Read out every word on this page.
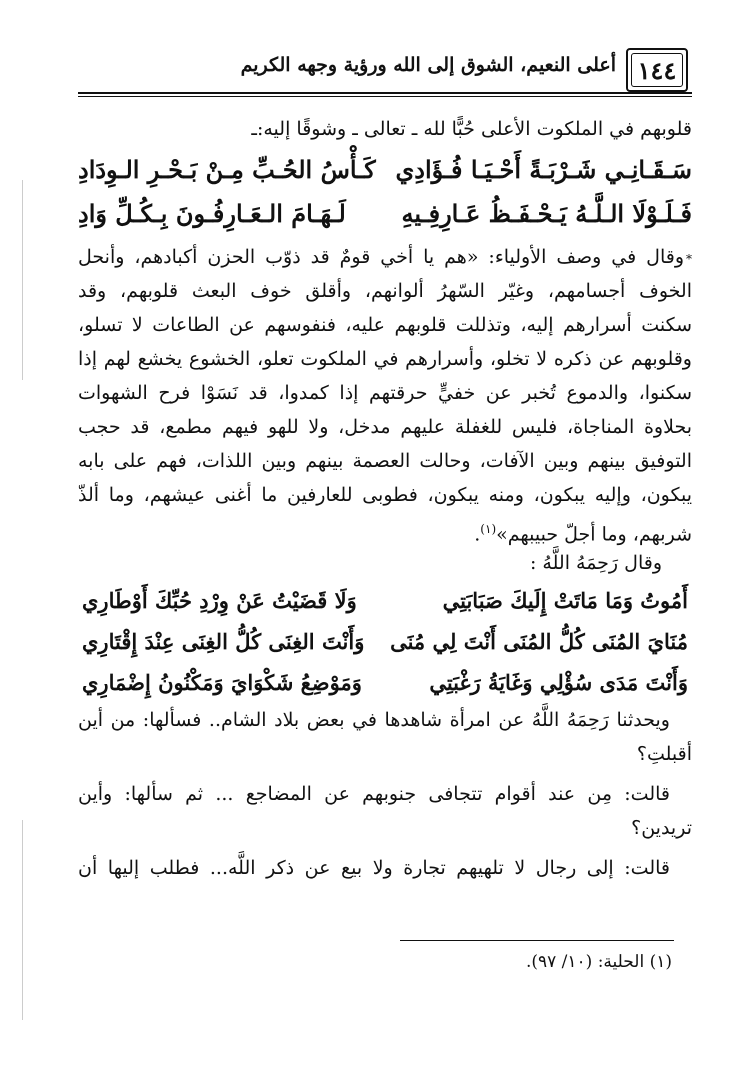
١٤٤
أعلى النعيم، الشوق إلى الله ورؤية وجهه الكريم
قلوبهم في الملكوت الأعلى حُبًّا لله ـ تعالى ـ وشوقًا إليه:ـ
سَـقَـانِـي شَـرْبَـةً أَحْـيَـا فُـؤَادِي
كَـأْسُ الحُـبِّ مِـنْ بَـحْـرِ الـوِدَادِ
فَـلَـوْلَا الـلَّـهُ يَـحْـفَـظُ عَـارِفِـيهِ
لَـهَـامَ الـعَـارِفُـونَ بِـكُـلِّ وَادِ
*وقال في وصف الأولياء: «هم يا أخي قومٌ قد ذوّب الحزن أكبادهم، وأنحل
الخوف أجسامهم، وغيّر السّهرُ ألوانهم، وأقلق خوف البعث قلوبهم، وقد
سكنت أسرارهم إليه، وتذللت قلوبهم عليه، فنفوسهم عن الطاعات لا تسلو،
وقلوبهم عن ذكره لا تخلو، وأسرارهم في الملكوت تعلو، الخشوع يخشع لهم إذا
سكنوا، والدموع تُخبر عن خفيٍّ حرقتهم إذا كمدوا، قد نَسَوْا فرح الشهوات
بحلاوة المناجاة، فليس للغفلة عليهم مدخل، ولا للهو فيهم مطمع، قد حجب
التوفيق بينهم وبين الآفات، وحالت العصمة بينهم وبين اللذات، فهم على بابه
يبكون، وإليه يبكون، ومنه يبكون، فطوبى للعارفين ما أغنى عيشهم، وما ألذّ
شربهم، وما أجلّ حبيبهم»$^{(١)}$.
وقال رَحِمَهُ اللَّهُ :
أَمُوتُ وَمَا مَاتَتْ إِلَيكَ صَبَابَتِي
وَلَا قَضَيْتُ عَنْ وِرْدِ حُبِّكَ أَوْطَارِي
مُنَايَ المُنَى كُلُّ المُنَى أَنْتَ لِي مُنَى
وَأَنْتَ الغِنَى كُلُّ الغِنَى عِنْدَ إِقْتَارِي
وَأَنْتَ مَدَى سُؤْلِي وَغَايَةُ رَغْبَتِي
وَمَوْضِعُ شَكْوَايَ وَمَكْنُونُ إِضْمَارِي
ويحدثنا رَحِمَهُ اللَّهُ عن امرأة شاهدها في بعض بلاد الشام.. فسألها: من أين
أقبلتِ؟
قالت: مِن عند أقوام تتجافى جنوبهم عن المضاجع ... ثم سألها: وأين
تريدين؟
قالت: إلى رجال لا تلهيهم تجارة ولا بيع عن ذكر اللَّه... فطلب إليها أن
(١) الحلية: (١٠/ ٩٧).
